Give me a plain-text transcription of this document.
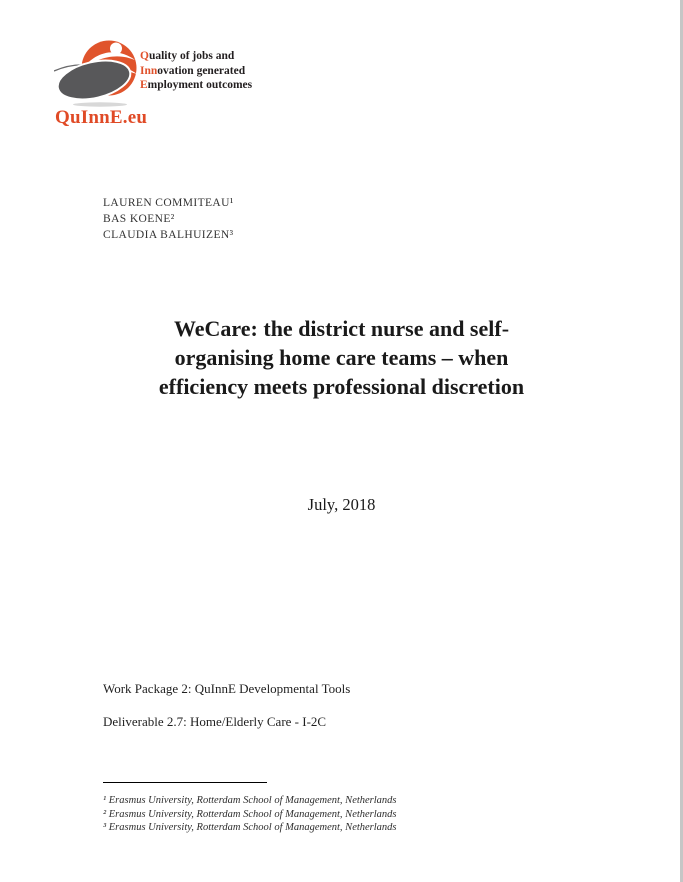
Quality of jobs and
Innovation generated
Employment outcomes
QuInnE.eu
LAUREN COMMITEAU¹
BAS KOENE²
CLAUDIA BALHUIZEN³
WeCare: the district nurse and self-
organising home care teams – when
efficiency meets professional discretion
July, 2018
Work Package 2: QuInnE Developmental Tools
Deliverable 2.7: Home/Elderly Care - I-2C
¹ Erasmus University, Rotterdam School of Management, Netherlands
² Erasmus University, Rotterdam School of Management, Netherlands
³ Erasmus University, Rotterdam School of Management, Netherlands
